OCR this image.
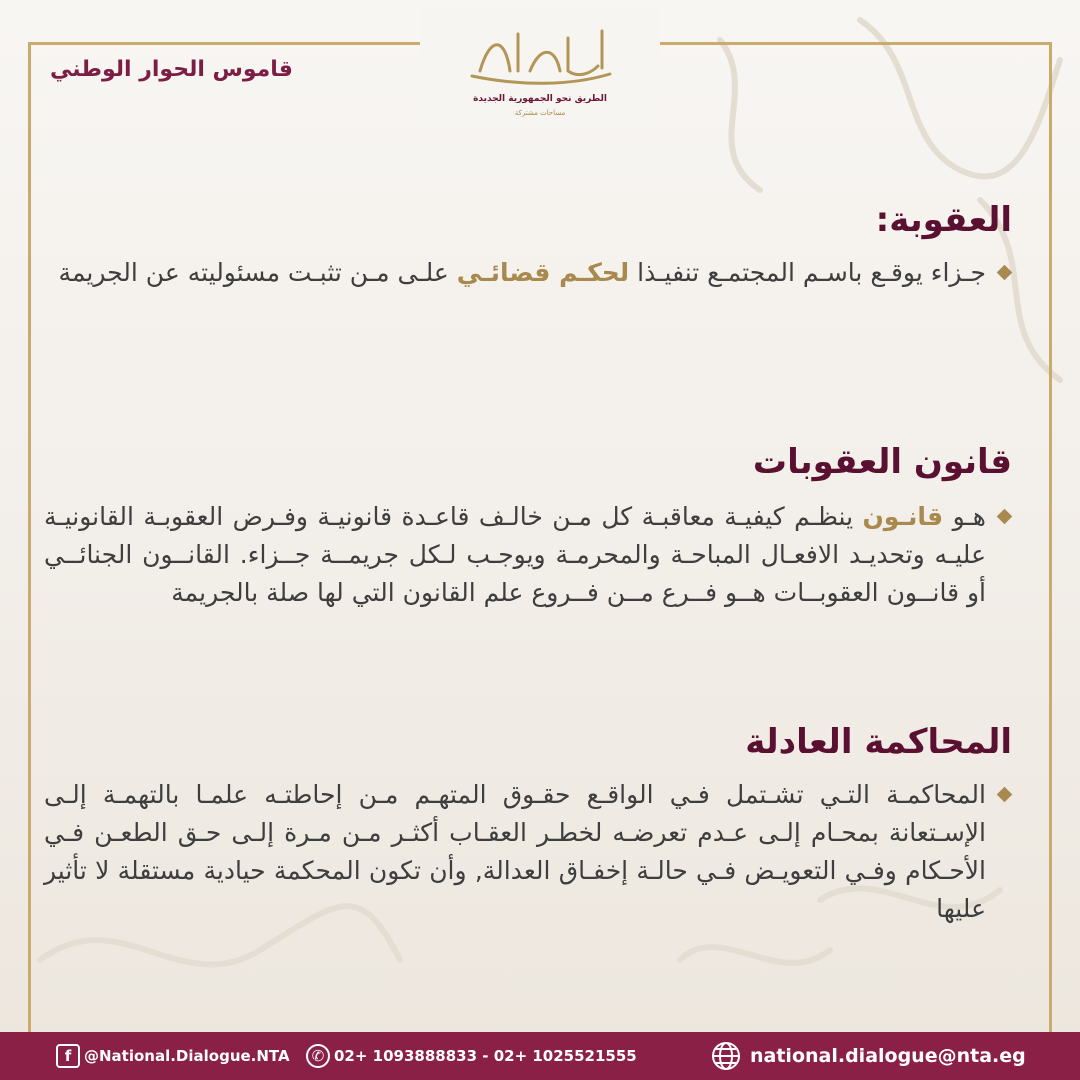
الطريق نحو الجمهورية الجديدة
مساحات مشتركة
قاموس الحوار الوطني
العقوبة:

جـزاء يوقـع باسـم المجتمـع تنفيـذا لحكـم قضائـي علـى مـن تثبـت مسئوليته عن الجريمة

قانون العقوبات

هـو قانـون ينظـم كيفيـة معاقبـة كل مـن خالـف قاعـدة قانونيـة وفـرض العقوبـة القانونيـة عليـه وتحديـد الافعـال المباحـة والمحرمـة ويوجـب لـكل جريمــة جــزاء. القانــون الجنائــي أو قانــون العقوبــات هــو فــرع مــن فــروع علم القانون التي لها صلة بالجريمة

المحاكمة العادلة

المحاكمـة التـي تشـتمل فـي الواقـع حقـوق المتهـم مـن إحاطتـه علمـا بالتهمـة إلـى الإسـتعانة بمحـام إلـى عـدم تعرضـه لخطـر العقـاب أكثـر مـن مـرة إلـى حـق الطعـن فـي الأحـكام وفـي التعويـض فـي حالـة إخفـاق العدالة, وأن تكون المحكمة حيادية مستقلة لا تأثير عليها

f @National.Dialogue.NTA	✆ 02+ 1093888833 - 02+ 1025521555	national.dialogue@nta.eg
